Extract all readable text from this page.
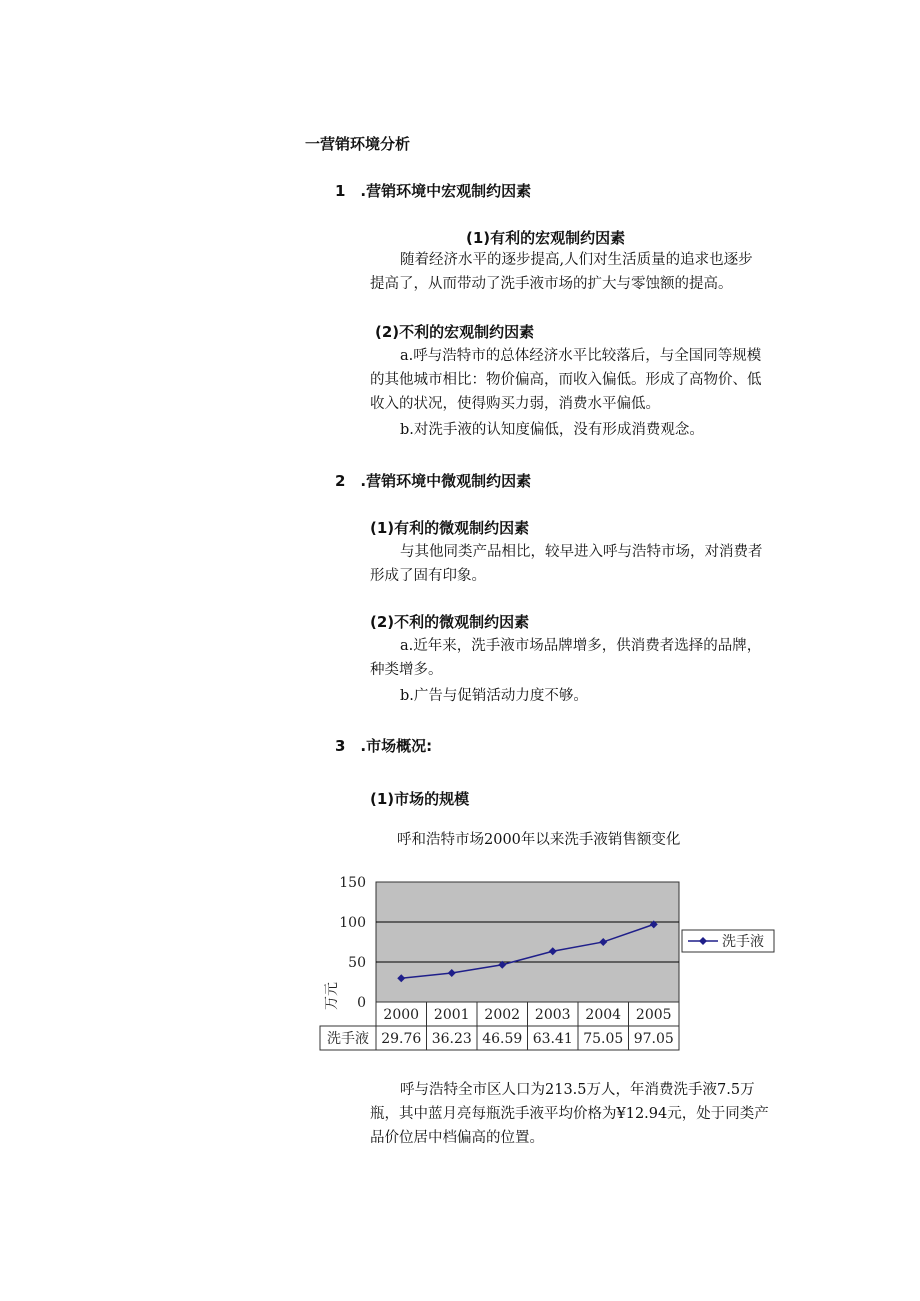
一营销环境分析
1　.营销环境中宏观制约因素
(1)有利的宏观制约因素
随着经济水平的逐步提高,人们对生活质量的追求也逐步
提高了，从而带动了洗手液市场的扩大与零蚀额的提高。
(2)不利的宏观制约因素
a.呼与浩特市的总体经济水平比较落后，与全国同等规模
的其他城市相比：物价偏高，而收入偏低。形成了高物价、低
收入的状况，使得购买力弱，消费水平偏低。
b.对洗手液的认知度偏低，没有形成消费观念。
2　.营销环境中微观制约因素
(1)有利的微观制约因素
与其他同类产品相比，较早进入呼与浩特市场，对消费者
形成了固有印象。
(2)不利的微观制约因素
a.近年来，洗手液市场品牌增多，供消费者选择的品牌，
种类增多。
b.广告与促销活动力度不够。
3　.市场概况:
(1)市场的规模
呼和浩特市场2000年以来洗手液销售额变化
0
50
100
150
万元
2000 2001 2002 2003 2004 2005
29.76 36.23 46.59 63.41 75.05 97.05
洗手液
洗手液
呼与浩特全市区人口为213.5万人，年消费洗手液7.5万
瓶，其中蓝月亮每瓶洗手液平均价格为¥12.94元，处于同类产
品价位居中档偏高的位置。
